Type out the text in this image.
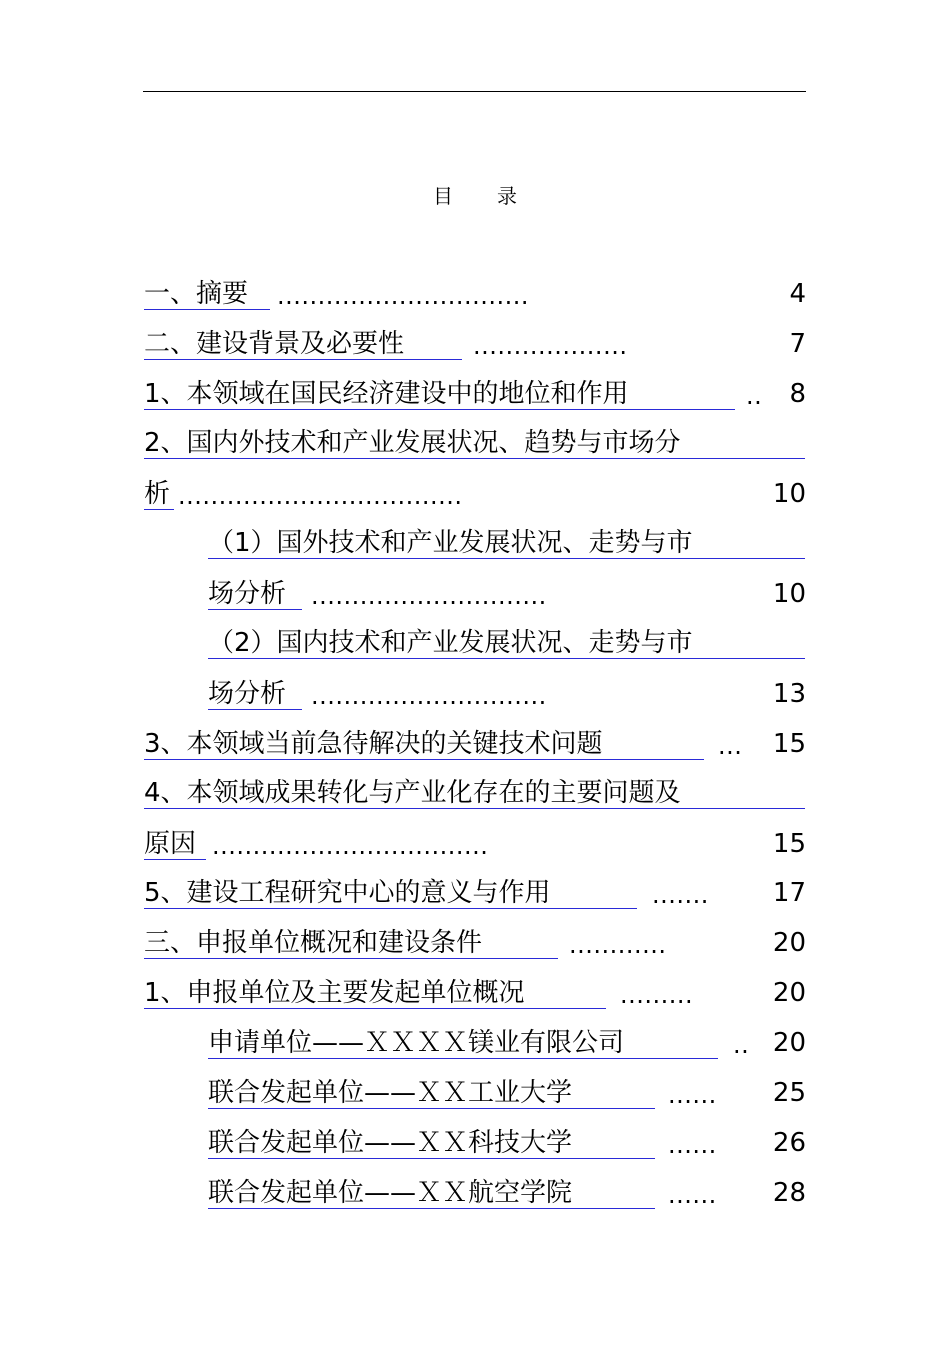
目 录
一、摘要 ...............................	4
二、建设背景及必要性	...................	7
1、本领域在国民经济建设中的地位和作用	..	8
2、国内外技术和产业发展状况、趋势与市场分
析 ...................................	10
（1）国外技术和产业发展状况、走势与市
场分析 .............................	10
（2）国内技术和产业发展状况、走势与市
场分析 .............................	13
3、本领域当前急待解决的关键技术问题	...	15
4、本领域成果转化与产业化存在的主要问题及
原因 ..................................	15
5、建设工程研究中心的意义与作用	.......	17
三、申报单位概况和建设条件	............	20
1、申报单位及主要发起单位概况	.........	20
申请单位——ＸＸＸＸ镁业有限公司	.. 20
联合发起单位——ＸＸ工业大学	......	25
联合发起单位——ＸＸ科技大学	......	26
联合发起单位——ＸＸ航空学院	......	28
